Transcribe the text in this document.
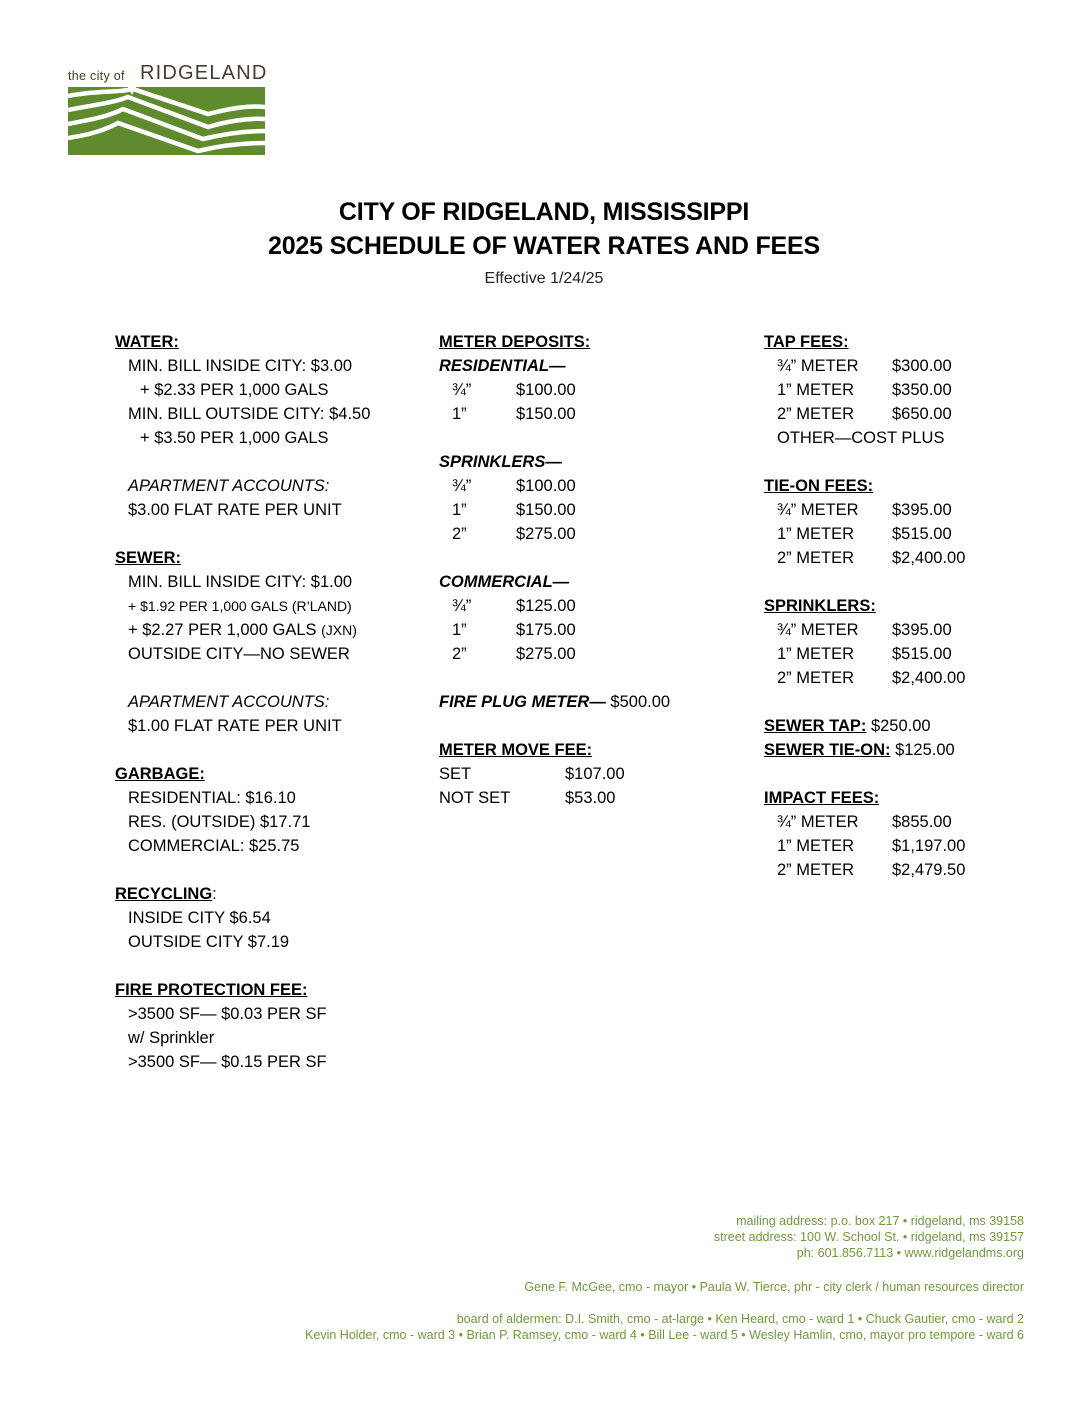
the city of RIDGELAND
CITY OF RIDGELAND, MISSISSIPPI
2025 SCHEDULE OF WATER RATES AND FEES
Effective 1/24/25
WATER:
MIN. BILL INSIDE CITY: $3.00
+ $2.33 PER 1,000 GALS
MIN. BILL OUTSIDE CITY: $4.50
+ $3.50 PER 1,000 GALS
APARTMENT ACCOUNTS:
$3.00 FLAT RATE PER UNIT
SEWER:
MIN. BILL INSIDE CITY: $1.00
+ $1.92 PER 1,000 GALS (R’LAND)
+ $2.27 PER 1,000 GALS (JXN)
OUTSIDE CITY—NO SEWER
APARTMENT ACCOUNTS:
$1.00 FLAT RATE PER UNIT
GARBAGE:
RESIDENTIAL: $16.10
RES. (OUTSIDE) $17.71
COMMERCIAL: $25.75
RECYCLING:
INSIDE CITY $6.54
OUTSIDE CITY $7.19
FIRE PROTECTION FEE:
>3500 SF— $0.03 PER SF
w/ Sprinkler
>3500 SF— $0.15 PER SF
METER DEPOSITS:
RESIDENTIAL—
¾”	$100.00
1”	$150.00
SPRINKLERS—
¾”	$100.00
1”	$150.00
2”	$275.00
COMMERCIAL—
¾”	$125.00
1”	$175.00
2”	$275.00
FIRE PLUG METER— $500.00
METER MOVE FEE:
SET	$107.00
NOT SET	$53.00
TAP FEES:
¾” METER	$300.00
1” METER	$350.00
2” METER	$650.00
OTHER—COST PLUS
TIE-ON FEES:
¾” METER	$395.00
1” METER	$515.00
2” METER	$2,400.00
SPRINKLERS:
¾” METER	$395.00
1” METER	$515.00
2” METER	$2,400.00
SEWER TAP: $250.00
SEWER TIE-ON: $125.00
IMPACT FEES:
¾” METER	$855.00
1” METER	$1,197.00
2” METER	$2,479.50
mailing address: p.o. box 217 • ridgeland, ms 39158
street address: 100 W. School St. • ridgeland, ms 39157
ph: 601.856.7113 • www.ridgelandms.org
Gene F. McGee, cmo - mayor • Paula W. Tierce, phr - city clerk / human resources director
board of aldermen: D.I. Smith, cmo - at-large • Ken Heard, cmo - ward 1 • Chuck Gautier, cmo - ward 2
Kevin Holder, cmo - ward 3 • Brian P. Ramsey, cmo - ward 4 • Bill Lee - ward 5 • Wesley Hamlin, cmo, mayor pro tempore - ward 6
